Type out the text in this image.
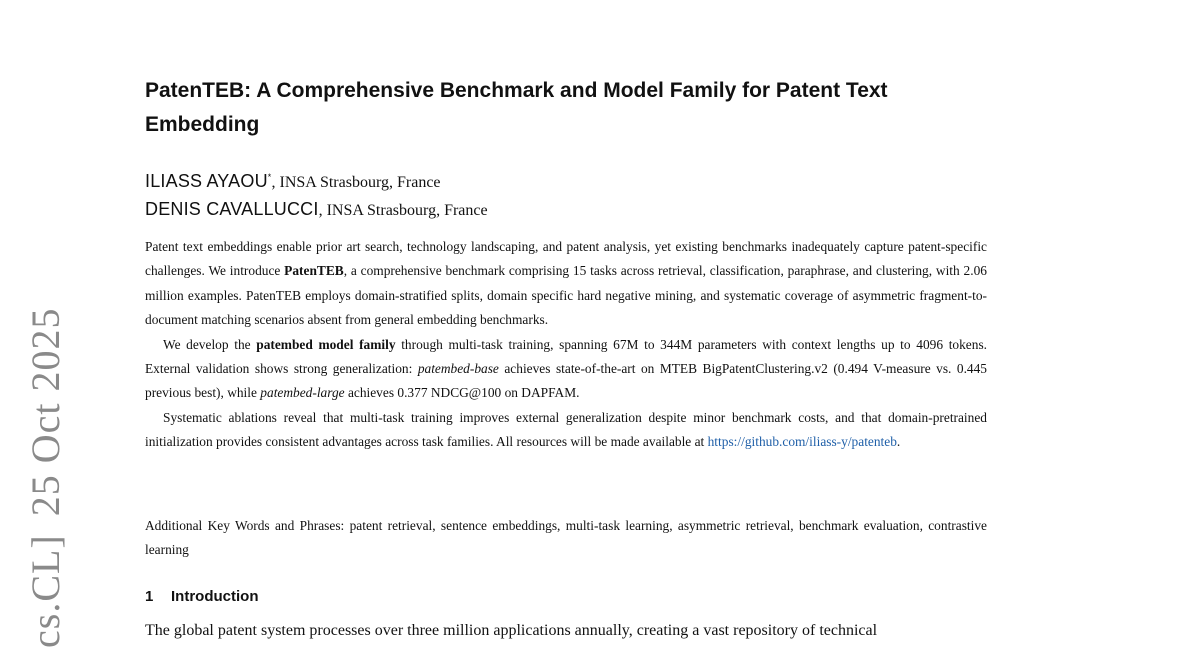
cs.CL]25 Oct 2025
PatenTEB: A Comprehensive Benchmark and Model Family for Patent Text Embedding
ILIASS AYAOU*, INSA Strasbourg, France
DENIS CAVALLUCCI, INSA Strasbourg, France

Patent text embeddings enable prior art search, technology landscaping, and patent analysis, yet existing benchmarks inadequately capture patent-specific challenges. We introduce PatenTEB, a comprehensive benchmark comprising 15 tasks across retrieval, classification, paraphrase, and clustering, with 2.06 million examples. PatenTEB employs domain-stratified splits, domain specific hard negative mining, and systematic coverage of asymmetric fragment-to-document matching scenarios absent from general embedding benchmarks.

We develop the patembed model family through multi-task training, spanning 67M to 344M parameters with context lengths up to 4096 tokens. External validation shows strong generalization: patembed-base achieves state-of-the-art on MTEB BigPatentClustering.v2 (0.494 V-measure vs. 0.445 previous best), while patembed-large achieves 0.377 NDCG@100 on DAPFAM.

Systematic ablations reveal that multi-task training improves external generalization despite minor benchmark costs, and that domain-pretrained initialization provides consistent advantages across task families. All resources will be made available at https://github.com/iliass-y/patenteb.

Additional Key Words and Phrases: patent retrieval, sentence embeddings, multi-task learning, asymmetric retrieval, benchmark evaluation, contrastive learning
1 Introduction
The global patent system processes over three million applications annually, creating a vast repository of technical
